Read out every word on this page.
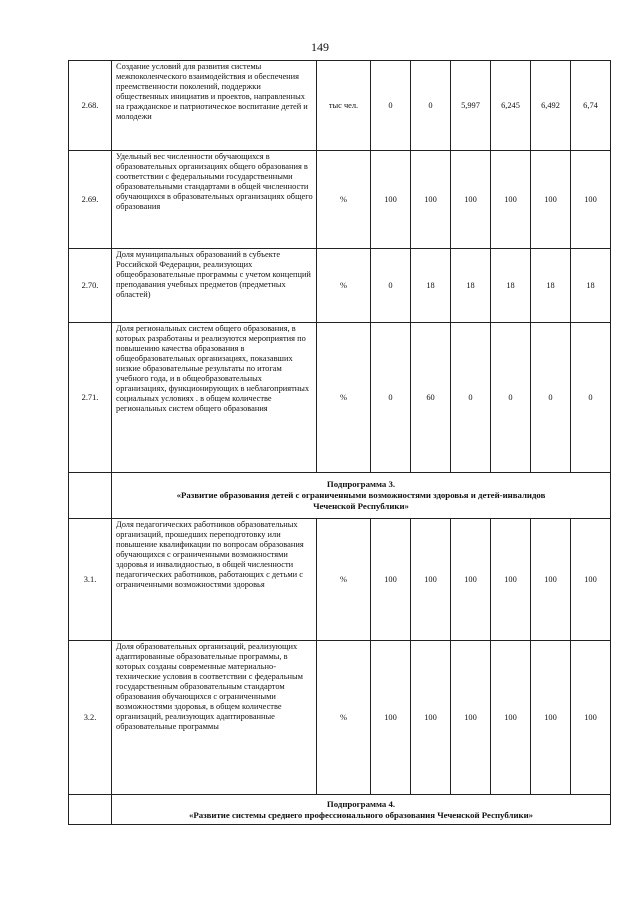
149
2.68.	Создание условий для развития системы межпоколенческого взаимодействия и обеспечения преемственности поколений, поддержки общественных инициатив и проектов, направленных на гражданское и патриотическое воспитание детей и молодежи	тыс чел.	0	0	5,997	6,245	6,492	6,74
2.69.	Удельный вес численности обучающихся в образовательных организациях общего образования в соответствии с федеральными государственными образовательными стандартами в общей численности обучающихся в образовательных организациях общего образования	%	100	100	100	100	100	100
2.70.	Доля муниципальных образований в субъекте Российской Федерации, реализующих общеобразовательные программы с учетом концепций преподавания учебных предметов (предметных областей)	%	0	18	18	18	18	18
2.71.	Доля региональных систем общего образования, в которых разработаны и реализуются мероприятия по повышению качества образования в общеобразовательных организациях, показавших низкие образовательные результаты по итогам учебного года, и в общеобразовательных организациях, функционирующих в неблагоприятных социальных условиях . в общем количестве региональных систем общего образования	%	0	60	0	0	0	0

	Подпрограмма 3.
«Развитие образования детей с ограниченными возможностями здоровья и детей-инвалидов
Чеченской Республики»							

3.1.	Доля педагогических работников образовательных организаций, прошедших переподготовку или повышение квалификации по вопросам образования обучающихся с ограниченными возможностями здоровья и инвалидностью, в общей численности педагогических работников, работающих с детьми с ограниченными возможностями здоровья	%	100	100	100	100	100	100
3.2.	Доля образовательных организаций, реализующих адаптированные образовательные программы, в которых созданы современные материально-технические условия в соответствии с федеральным государственным образовательным стандартом образования обучающихся с ограниченными возможностями здоровья, в общем количестве организаций, реализующих адаптированные образовательные программы	%	100	100	100	100	100	100

	Подпрограмма 4.
«Развитие системы среднего профессионального образования Чеченской Республики»							
